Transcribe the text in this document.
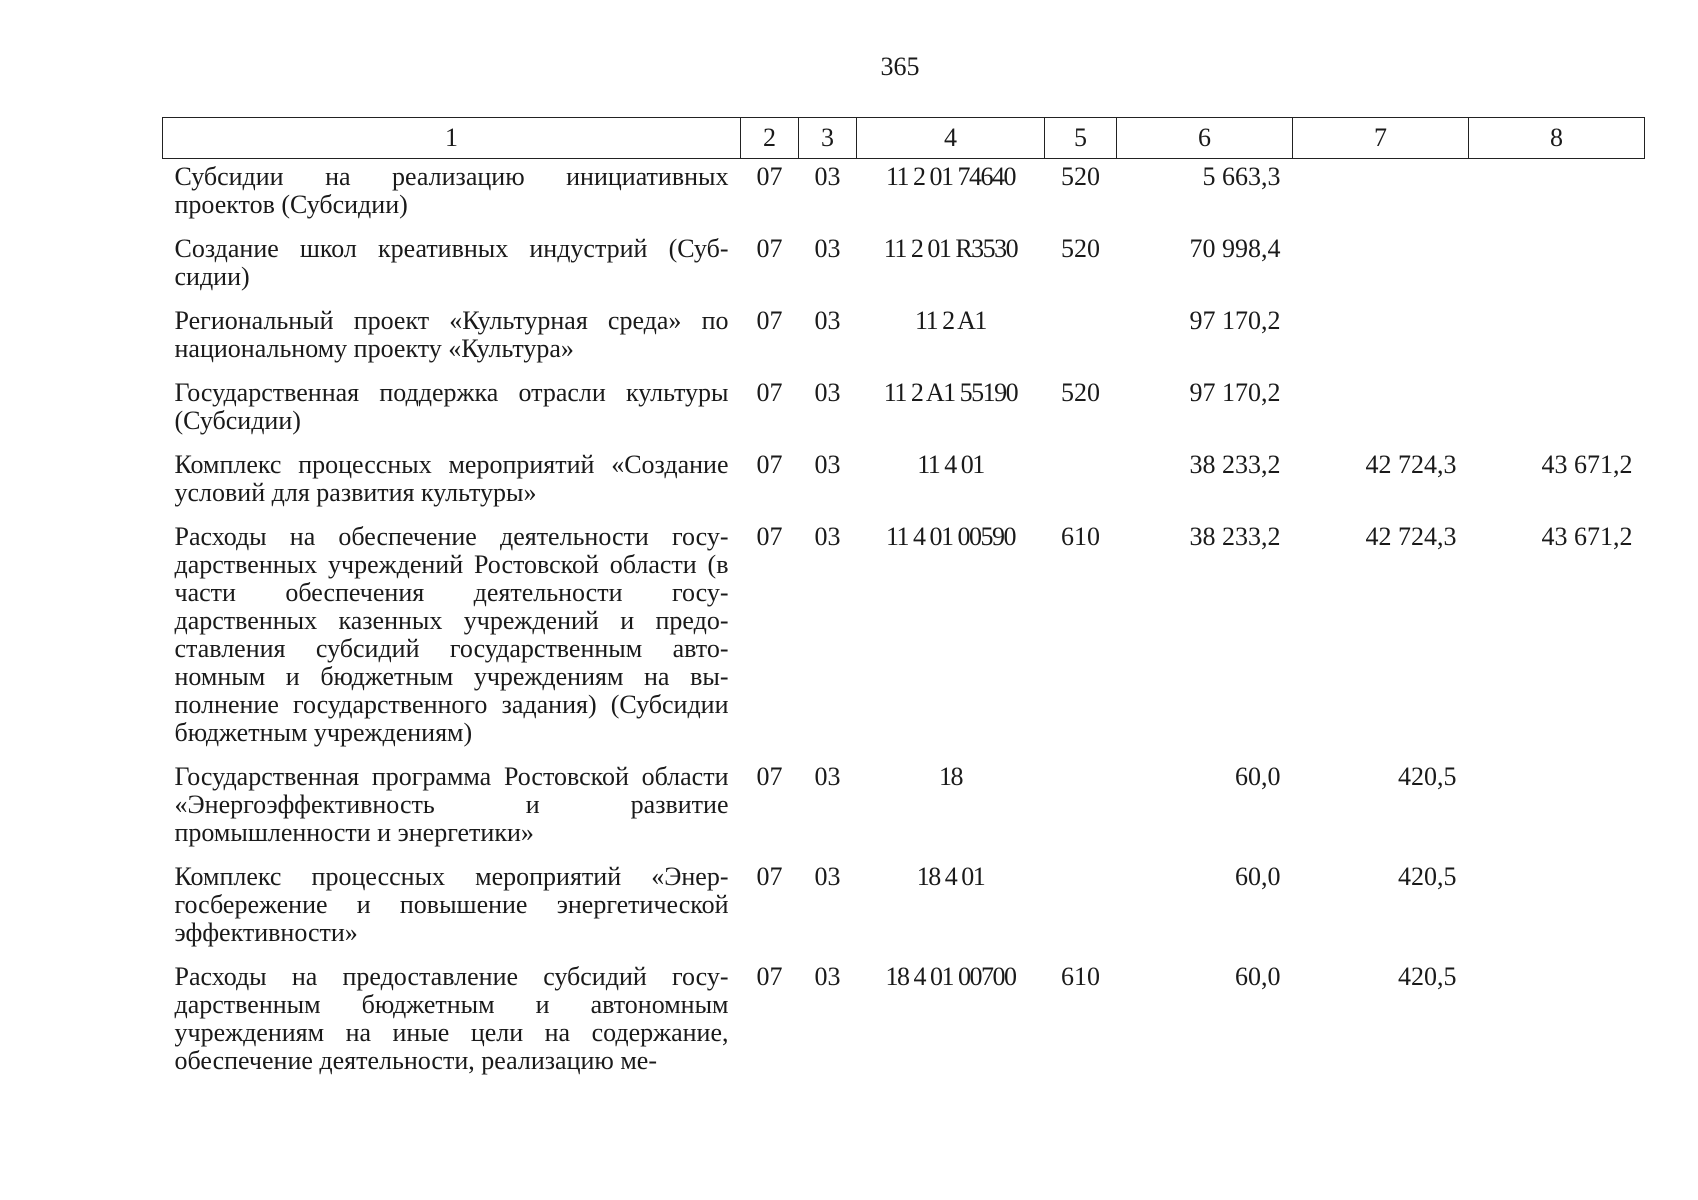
365
1	2	3	4	5	6	7	8
Субсидии на реализацию инициативных проектов (Субсидии)	07	03	11 2 01 74640	520	5 663,3		
Создание школ креативных индустрий (Субсидии)	07	03	11 2 01 R3530	520	70 998,4		
Региональный проект «Культурная среда» по национальному проекту «Культура»	07	03	11 2 A1		97 170,2		
Государственная поддержка отрасли культуры (Субсидии)	07	03	11 2 A1 55190	520	97 170,2		
Комплекс процессных мероприятий «Создание условий для развития культуры»	07	03	11 4 01		38 233,2	42 724,3	43 671,2
Расходы на обеспечение деятельности государственных учреждений Ростовской области (в части обеспечения деятельности государственных казенных учреждений и предоставления субсидий государственным автономным и бюджетным учреждениям на выполнение государственного задания) (Субсидии бюджетным учреждениям)	07	03	11 4 01 00590	610	38 233,2	42 724,3	43 671,2
Государственная программа Ростовской области «Энергоэффективность и развитие промышленности и энергетики»	07	03	18		60,0	420,5	
Комплекс процессных мероприятий «Энергосбережение и повышение энергетической эффективности»	07	03	18 4 01		60,0	420,5	
Расходы на предоставление субсидий государственным бюджетным и автономным учреждениям на иные цели на содержание, обеспечение деятельности, реализацию ме-	07	03	18 4 01 00700	610	60,0	420,5	
